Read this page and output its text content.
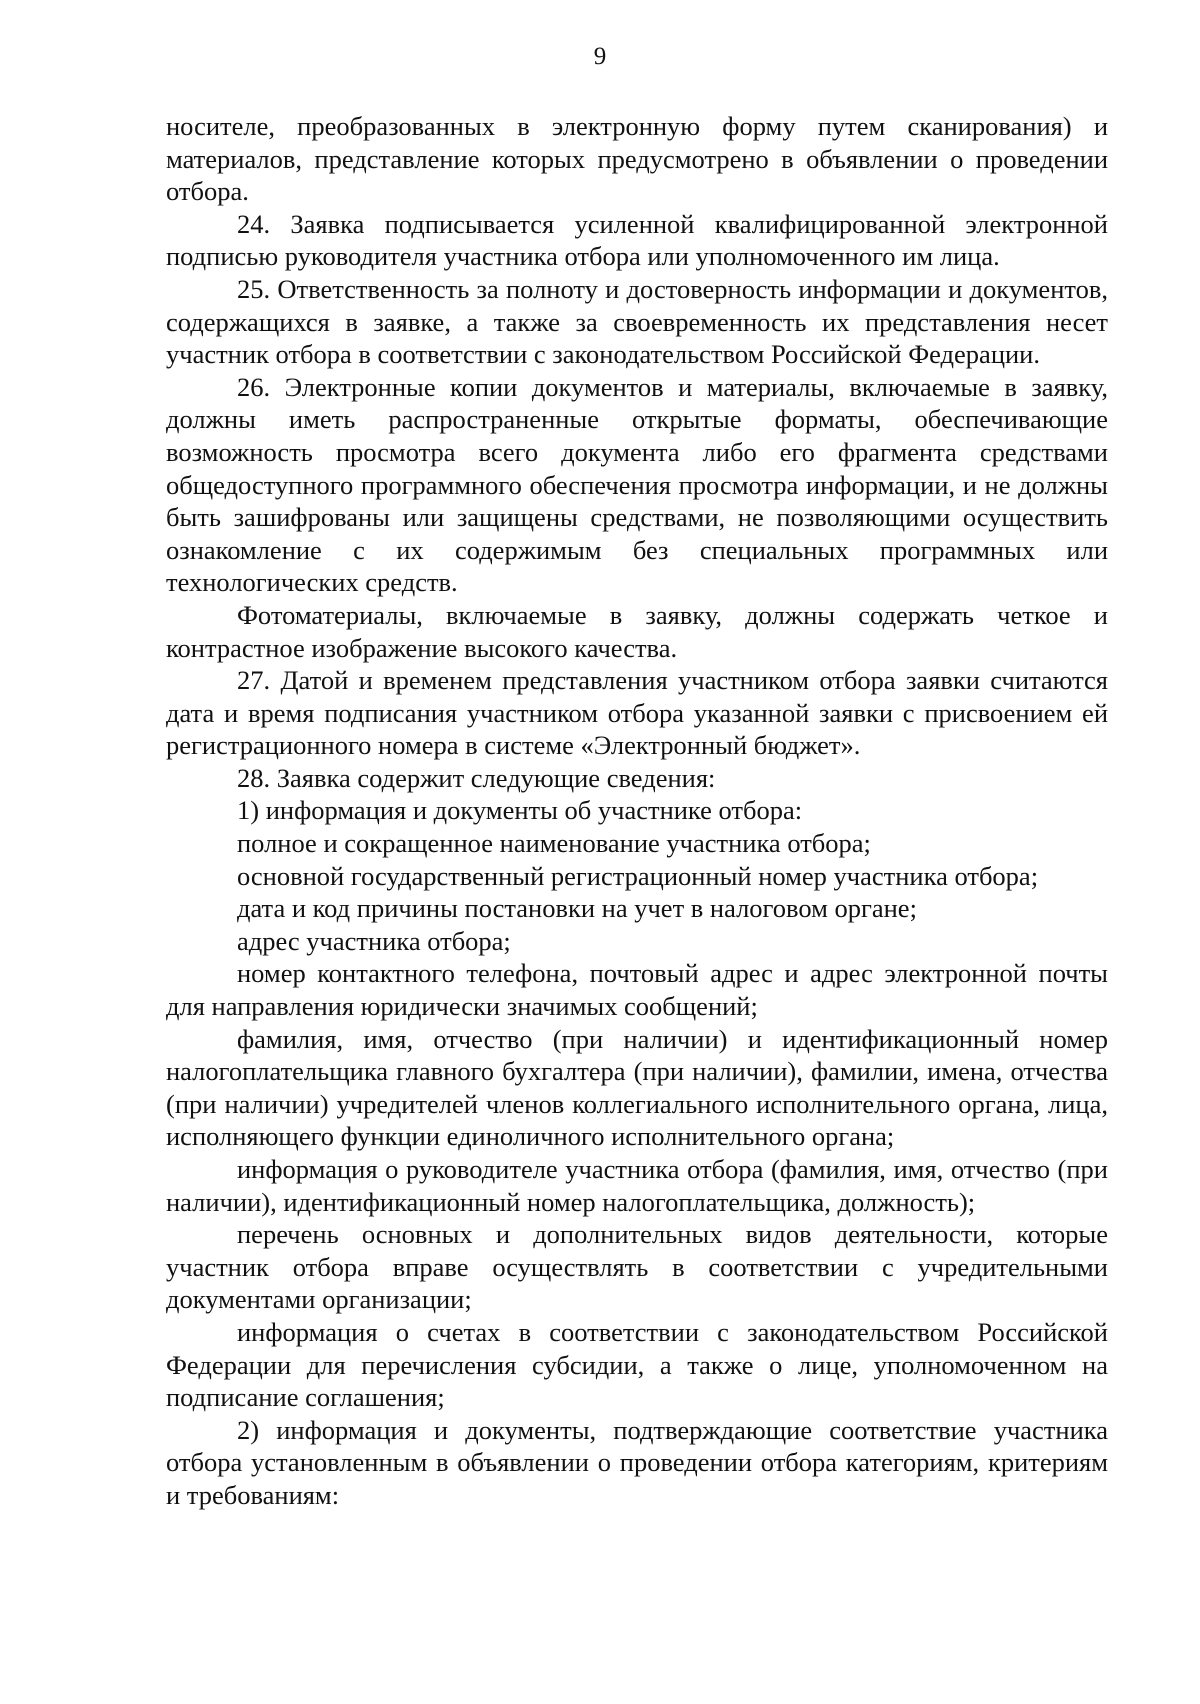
9

носителе, преобразованных в электронную форму путем сканирования) и материалов, представление которых предусмотрено в объявлении о проведении отбора.

24. Заявка подписывается усиленной квалифицированной электронной подписью руководителя участника отбора или уполномоченного им лица.

25. Ответственность за полноту и достоверность информации и документов, содержащихся в заявке, а также за своевременность их представления несет участник отбора в соответствии с законодательством Российской Федерации.

26. Электронные копии документов и материалы, включаемые в заявку, должны иметь распространенные открытые форматы, обеспечивающие возможность просмотра всего документа либо его фрагмента средствами общедоступного программного обеспечения просмотра информации, и не должны быть зашифрованы или защищены средствами, не позволяющими осуществить ознакомление с их содержимым без специальных программных или технологических средств.

Фотоматериалы, включаемые в заявку, должны содержать четкое и контрастное изображение высокого качества.

27. Датой и временем представления участником отбора заявки считаются дата и время подписания участником отбора указанной заявки с присвоением ей регистрационного номера в системе «Электронный бюджет».

28. Заявка содержит следующие сведения:

1) информация и документы об участнике отбора:

полное и сокращенное наименование участника отбора;

основной государственный регистрационный номер участника отбора;

дата и код причины постановки на учет в налоговом органе;

адрес участника отбора;

номер контактного телефона, почтовый адрес и адрес электронной почты для направления юридически значимых сообщений;

фамилия, имя, отчество (при наличии) и идентификационный номер налогоплательщика главного бухгалтера (при наличии), фамилии, имена, отчества (при наличии) учредителей членов коллегиального исполнительного органа, лица, исполняющего функции единоличного исполнительного органа;

информация о руководителе участника отбора (фамилия, имя, отчество (при наличии), идентификационный номер налогоплательщика, должность);

перечень основных и дополнительных видов деятельности, которые участник отбора вправе осуществлять в соответствии с учредительными документами организации;

информация о счетах в соответствии с законодательством Российской Федерации для перечисления субсидии, а также о лице, уполномоченном на подписание соглашения;

2) информация и документы, подтверждающие соответствие участника отбора установленным в объявлении о проведении отбора категориям, критериям и требованиям:
